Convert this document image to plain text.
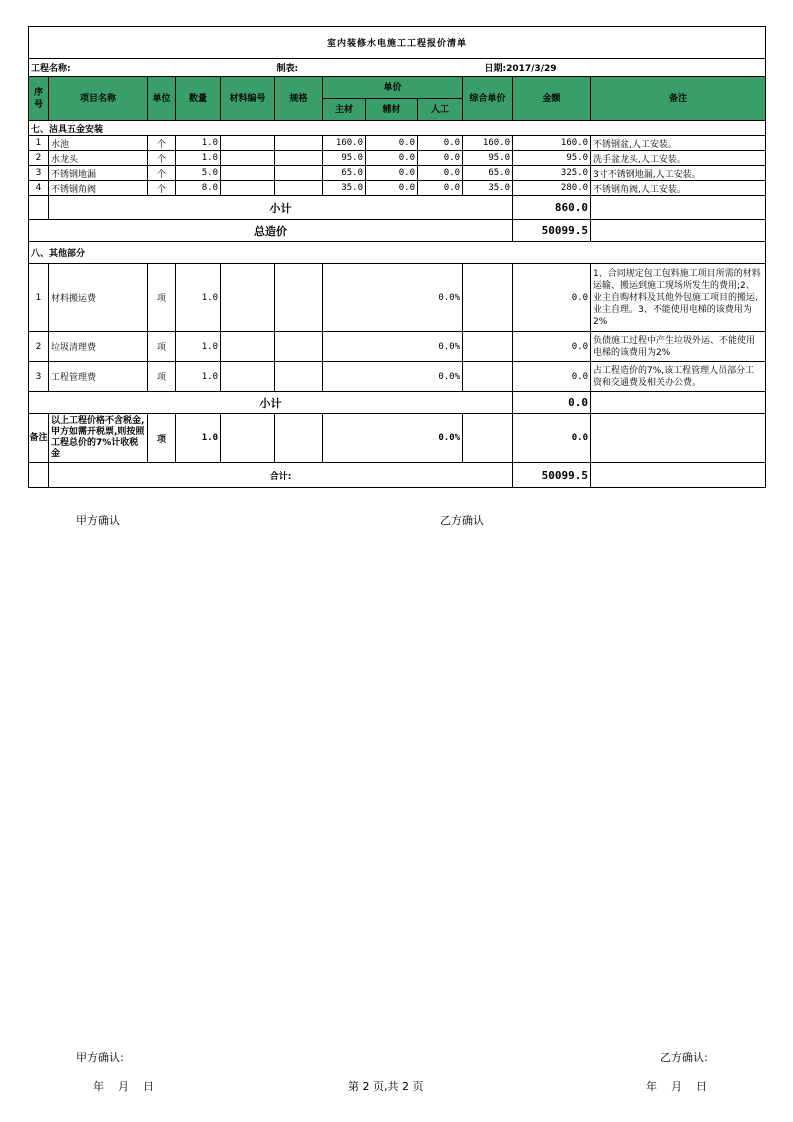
室内装修水电施工工程报价清单											
工程名称:					制表:				日期:2017/3/29		
序号	项目名称	单位	数量	材料编号	规格	单价			综合单价	金额	备注
						主材	辅材	人工			
七、洁具五金安装											
1	水池	个	1.0			160.0	0.0	0.0	160.0	160.0	不锈钢盆,人工安装。
2	水龙头	个	1.0			95.0	0.0	0.0	95.0	95.0	洗手盆龙头,人工安装。
3	不锈钢地漏	个	5.0			65.0	0.0	0.0	65.0	325.0	3寸不锈钢地漏,人工安装。
4	不锈钢角阀	个	8.0			35.0	0.0	0.0	35.0	280.0	不锈钢角阀,人工安装。
	小计									860.0	
总造价										50099.5	
八、其他部分											
1	材料搬运费	项	1.0			0.0%				0.0	1、合同规定包工包料施工项目所需的材料运输、搬运到施工现场所发生的费用;2、业主自购材料及其他外包施工项目的搬运,业主自理。3、不能使用电梯的该费用为2%
2	垃圾清理费	项	1.0			0.0%				0.0	负债施工过程中产生垃圾外运、不能使用电梯的该费用为2%
3	工程管理费	项	1.0			0.0%				0.0	占工程造价的7%,该工程管理人员部分工资和交通费及相关办公费。
小计										0.0	
备注	以上工程价格不含税金,甲方如需开税票,则按照工程总价的7%计收税金	项	1.0			0.0%				0.0	
	合计:									50099.5	
甲方确认	乙方确认
甲方确认:	乙方确认:
年    月    日	第 2 页,共 2 页	年    月    日
